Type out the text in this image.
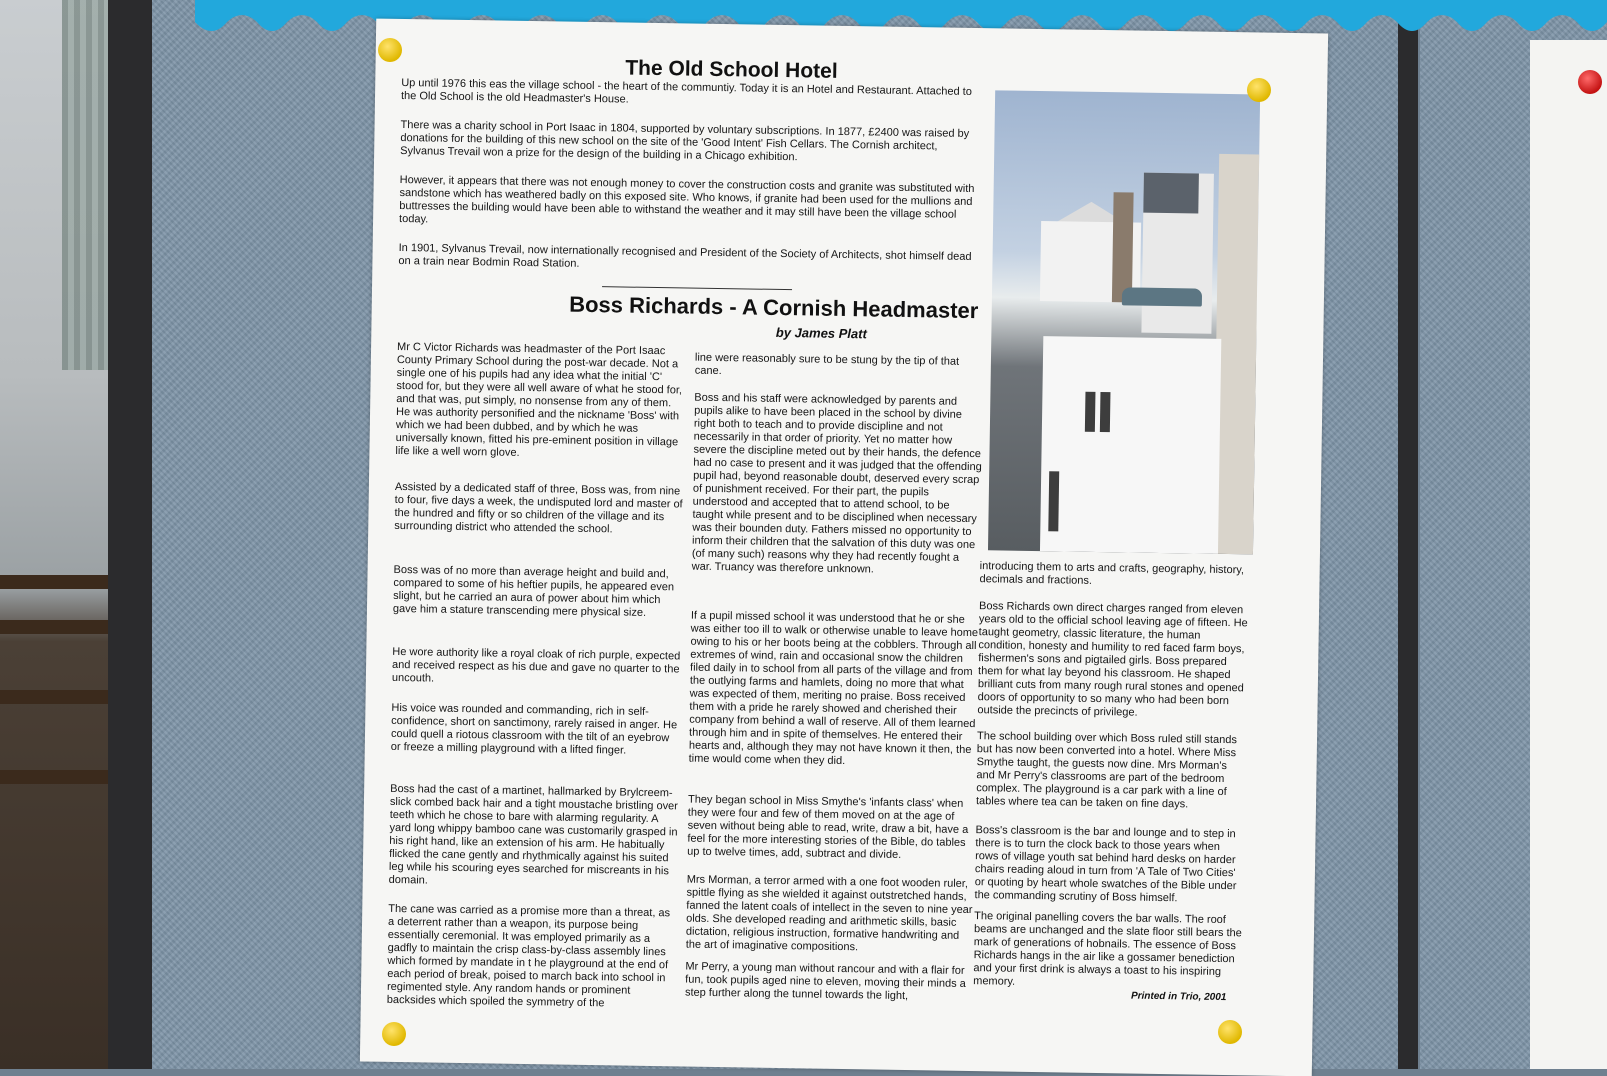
The Old School Hotel

Up until 1976 this eas the village school - the heart of the communtiy. Today it is an Hotel and Restaurant. Attached to the Old School is the old Headmaster's House.

There was a charity school in Port Isaac in 1804, supported by voluntary subscriptions. In 1877, £2400 was raised by donations for the building of this new school on the site of the 'Good Intent' Fish Cellars. The Cornish architect, Sylvanus Trevail won a prize for the design of the building in a Chicago exhibition.

However, it appears that there was not enough money to cover the construction costs and granite was substituted with sandstone which has weathered badly on this exposed site. Who knows, if granite had been used for the mullions and buttresses the building would have been able to withstand the weather and it may still have been the village school today.

In 1901, Sylvanus Trevail, now internationally recognised and President of the Society of Architects, shot himself dead on a train near Bodmin Road Station.

Boss Richards - A Cornish Headmaster
by James Platt

Mr C Victor Richards was headmaster of the Port Isaac County Primary School during the post-war decade. Not a single one of his pupils had any idea what the initial 'C' stood for, but they were all well aware of what he stood for, and that was, put simply, no nonsense from any of them. He was authority personified and the nickname 'Boss' with which we had been dubbed, and by which he was universally known, fitted his pre-eminent position in village life like a well worn glove.

Assisted by a dedicated staff of three, Boss was, from nine to four, five days a week, the undisputed lord and master of the hundred and fifty or so children of the village and its surrounding district who attended the school.

Boss was of no more than average height and build and, compared to some of his heftier pupils, he appeared even slight, but he carried an aura of power about him which gave him a stature transcending mere physical size.

He wore authority like a royal cloak of rich purple, expected and received respect as his due and gave no quarter to the uncouth.

His voice was rounded and commanding, rich in self-confidence, short on sanctimony, rarely raised in anger. He could quell a riotous classroom with the tilt of an eyebrow or freeze a milling playground with a lifted finger.

Boss had the cast of a martinet, hallmarked by Brylcreem-slick combed back hair and a tight moustache bristling over teeth which he chose to bare with alarming regularity. A yard long whippy bamboo cane was customarily grasped in his right hand, like an extension of his arm. He habitually flicked the cane gently and rhythmically against his suited leg while his scouring eyes searched for miscreants in his domain.

The cane was carried as a promise more than a threat, as a deterrent rather than a weapon, its purpose being essentially ceremonial. It was employed primarily as a gadfly to maintain the crisp class-by-class assembly lines which formed by mandate in t he playground at the end of each period of break, poised to march back into school in regimented style. Any random hands or prominent backsides which spoiled the symmetry of the

line were reasonably sure to be stung by the tip of that cane.

Boss and his staff were acknowledged by parents and pupils alike to have been placed in the school by divine right both to teach and to provide discipline and not necessarily in that order of priority. Yet no matter how severe the discipline meted out by their hands, the defence had no case to present and it was judged that the offending pupil had, beyond reasonable doubt, deserved every scrap of punishment received. For their part, the pupils understood and accepted that to attend school, to be taught while present and to be disciplined when necessary was their bounden duty. Fathers missed no opportunity to inform their children that the salvation of this duty was one (of many such) reasons why they had recently fought a war. Truancy was therefore unknown.

If a pupil missed school it was understood that he or she was either too ill to walk or otherwise unable to leave home owing to his or her boots being at the cobblers. Through all extremes of wind, rain and occasional snow the children filed daily in to school from all parts of the village and from the outlying farms and hamlets, doing no more that what was expected of them, meriting no praise. Boss received them with a pride he rarely showed and cherished their company from behind a wall of reserve. All of them learned through him and in spite of themselves. He entered their hearts and, although they may not have known it then, the time would come when they did.

They began school in Miss Smythe's 'infants class' when they were four and few of them moved on at the age of seven without being able to read, write, draw a bit, have a feel for the more interesting stories of the Bible, do tables up to twelve times, add, subtract and divide.

Mrs Morman, a terror armed with a one foot wooden ruler, spittle flying as she wielded it against outstretched hands, fanned the latent coals of intellect in the seven to nine year olds. She developed reading and arithmetic skills, basic dictation, religious instruction, formative handwriting and the art of imaginative compositions.

Mr Perry, a young man without rancour and with a flair for fun, took pupils aged nine to eleven, moving their minds a step further along the tunnel towards the light,

introducing them to arts and crafts, geography, history, decimals and fractions.

Boss Richards own direct charges ranged from eleven years old to the official school leaving age of fifteen. He taught geometry, classic literature, the human condition, honesty and humility to red faced farm boys, fishermen's sons and pigtailed girls. Boss prepared them for what lay beyond his classroom. He shaped brilliant cuts from many rough rural stones and opened doors of opportunity to so many who had been born outside the precincts of privilege.

The school building over which Boss ruled still stands but has now been converted into a hotel. Where Miss Smythe taught, the guests now dine. Mrs Morman's and Mr Perry's classrooms are part of the bedroom complex. The playground is a car park with a line of tables where tea can be taken on fine days.

Boss's classroom is the bar and lounge and to step in there is to turn the clock back to those years when rows of village youth sat behind hard desks on harder chairs reading aloud in turn from 'A Tale of Two Cities' or quoting by heart whole swatches of the Bible under the commanding scrutiny of Boss himself.

The original panelling covers the bar walls. The roof beams are unchanged and the slate floor still bears the mark of generations of hobnails. The essence of Boss Richards hangs in the air like a gossamer benediction and your first drink is always a toast to his inspiring memory.

Printed in Trio, 2001
